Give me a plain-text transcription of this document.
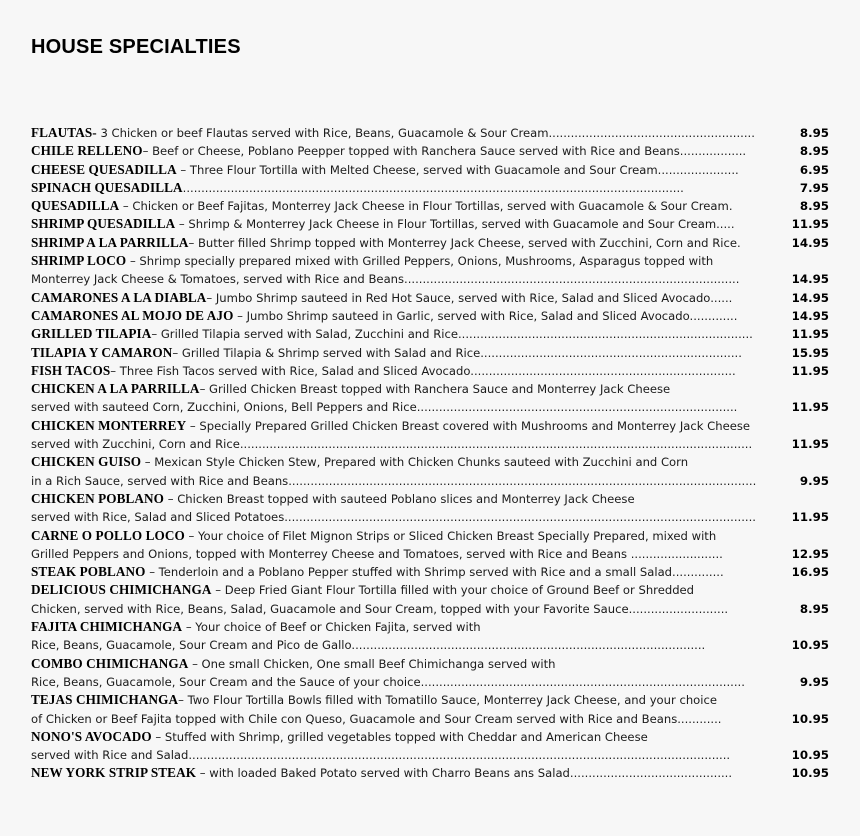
HOUSE SPECIALTIES
FLAUTAS- 3 Chicken or beef Flautas served with Rice, Beans, Guacamole & Sour Cream........................................................	8.95
CHILE RELLENO– Beef or Cheese, Poblano Peepper topped with Ranchera Sauce served with Rice and Beans..................	8.95
CHEESE QUESADILLA – Three Flour Tortilla with Melted Cheese, served with Guacamole and Sour Cream......................	6.95
SPINACH QUESADILLA........................................................................................................................................	7.95
QUESADILLA – Chicken or Beef Fajitas, Monterrey Jack Cheese in Flour Tortillas, served with Guacamole & Sour Cream.	8.95
SHRIMP QUESADILLA – Shrimp & Monterrey Jack Cheese in Flour Tortillas, served with Guacamole and Sour Cream.....	11.95
SHRIMP A LA PARRILLA– Butter filled Shrimp topped with Monterrey Jack Cheese, served with Zucchini, Corn and Rice.	14.95
SHRIMP LOCO – Shrimp specially prepared mixed with Grilled Peppers, Onions, Mushrooms, Asparagus topped with
Monterrey Jack Cheese & Tomatoes, served with Rice and Beans...........................................................................................	14.95
CAMARONES A LA DIABLA– Jumbo Shrimp sauteed in Red Hot Sauce, served with Rice, Salad and Sliced Avocado......	14.95
CAMARONES AL MOJO DE AJO – Jumbo Shrimp sauteed in Garlic, served with Rice, Salad and Sliced Avocado.............	14.95
GRILLED TILAPIA– Grilled Tilapia served with Salad, Zucchini and Rice................................................................................	11.95
TILAPIA Y CAMARON– Grilled Tilapia & Shrimp served with Salad and Rice.......................................................................	15.95
FISH TACOS– Three Fish Tacos served with Rice, Salad and Sliced Avocado........................................................................	11.95
CHICKEN A LA PARRILLA– Grilled Chicken Breast topped with Ranchera Sauce and Monterrey Jack Cheese
served with sauteed Corn, Zucchini, Onions, Bell Peppers and Rice.......................................................................................	11.95
CHICKEN MONTERREY – Specially Prepared Grilled Chicken Breast covered with Mushrooms and Monterrey Jack Cheese
served with Zucchini, Corn and Rice...........................................................................................................................................	11.95
CHICKEN GUISO – Mexican Style Chicken Stew, Prepared with Chicken Chunks sauteed with Zucchini and Corn
in a Rich Sauce, served with Rice and Beans...............................................................................................................................	9.95
CHICKEN POBLANO – Chicken Breast topped with sauteed Poblano slices and Monterrey Jack Cheese
served with Rice, Salad and Sliced Potatoes................................................................................................................................	11.95
CARNE O POLLO LOCO – Your choice of Filet Mignon Strips or Sliced Chicken Breast Specially Prepared, mixed with
Grilled Peppers and Onions, topped with Monterrey Cheese and Tomatoes, served with Rice and Beans .........................	12.95
STEAK POBLANO – Tenderloin and a Poblano Pepper stuffed with Shrimp served with Rice and a small Salad..............	16.95
DELICIOUS CHIMICHANGA – Deep Fried Giant Flour Tortilla filled with your choice of Ground Beef or Shredded
Chicken, served with Rice, Beans, Salad, Guacamole and Sour Cream, topped with your Favorite Sauce...........................	8.95
FAJITA CHIMICHANGA – Your choice of Beef or Chicken Fajita, served with
Rice, Beans, Guacamole, Sour Cream and Pico de Gallo................................................................................................	10.95
COMBO CHIMICHANGA – One small Chicken, One small Beef Chimichanga served with
Rice, Beans, Guacamole, Sour Cream and the Sauce of your choice........................................................................................	9.95
TEJAS CHIMICHANGA– Two Flour Tortilla Bowls filled with Tomatillo Sauce, Monterrey Jack Cheese, and your choice
of Chicken or Beef Fajita topped with Chile con Queso, Guacamole and Sour Cream served with Rice and Beans............	10.95
NONO'S AVOCADO – Stuffed with Shrimp, grilled vegetables topped with Cheddar and American Cheese
served with Rice and Salad...................................................................................................................................................	10.95
NEW YORK STRIP STEAK – with loaded Baked Potato served with Charro Beans ans Salad............................................	10.95
